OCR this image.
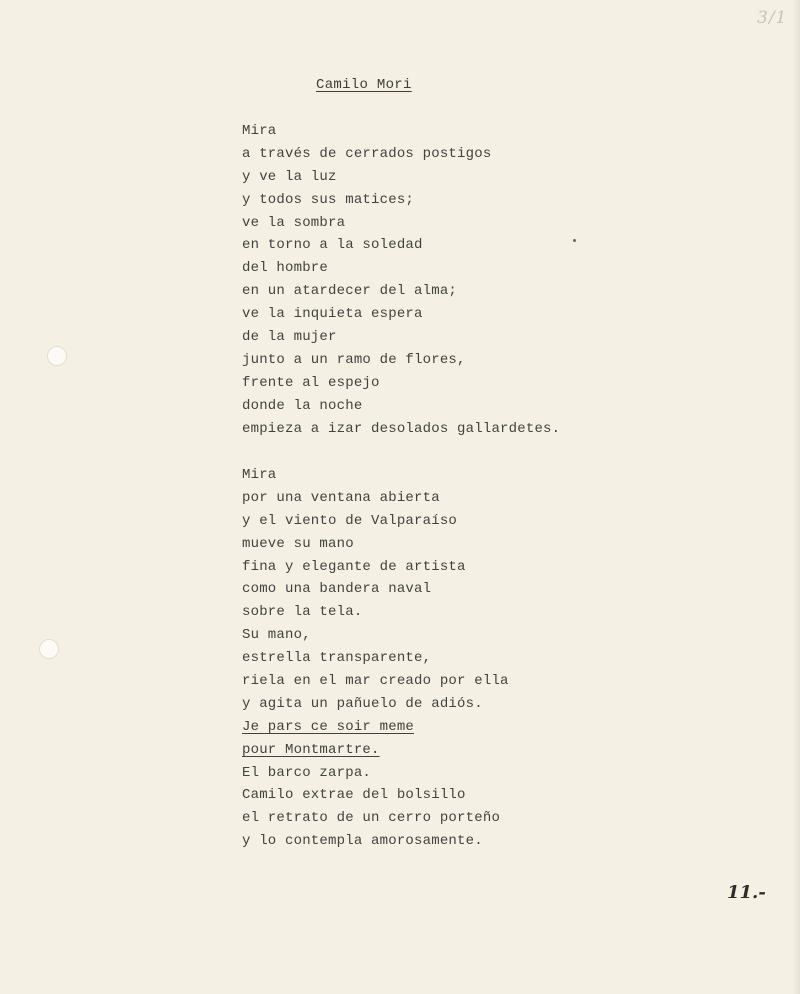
3/1
Camilo Mori
Mira
a través de cerrados postigos
y ve la luz
y todos sus matices;
ve la sombra
en torno a la soledad
del hombre
en un atardecer del alma;
ve la inquieta espera
de la mujer
junto a un ramo de flores,
frente al espejo
donde la noche
empieza a izar desolados gallardetes.
Mira
por una ventana abierta
y el viento de Valparaíso
mueve su mano
fina y elegante de artista
como una bandera naval
sobre la tela.
Su mano,
estrella transparente,
riela en el mar creado por ella
y agita un pañuelo de adiós.
Je pars ce soir meme
pour Montmartre.
El barco zarpa.
Camilo extrae del bolsillo
el retrato de un cerro porteño
y lo contempla amorosamente.
11.-
